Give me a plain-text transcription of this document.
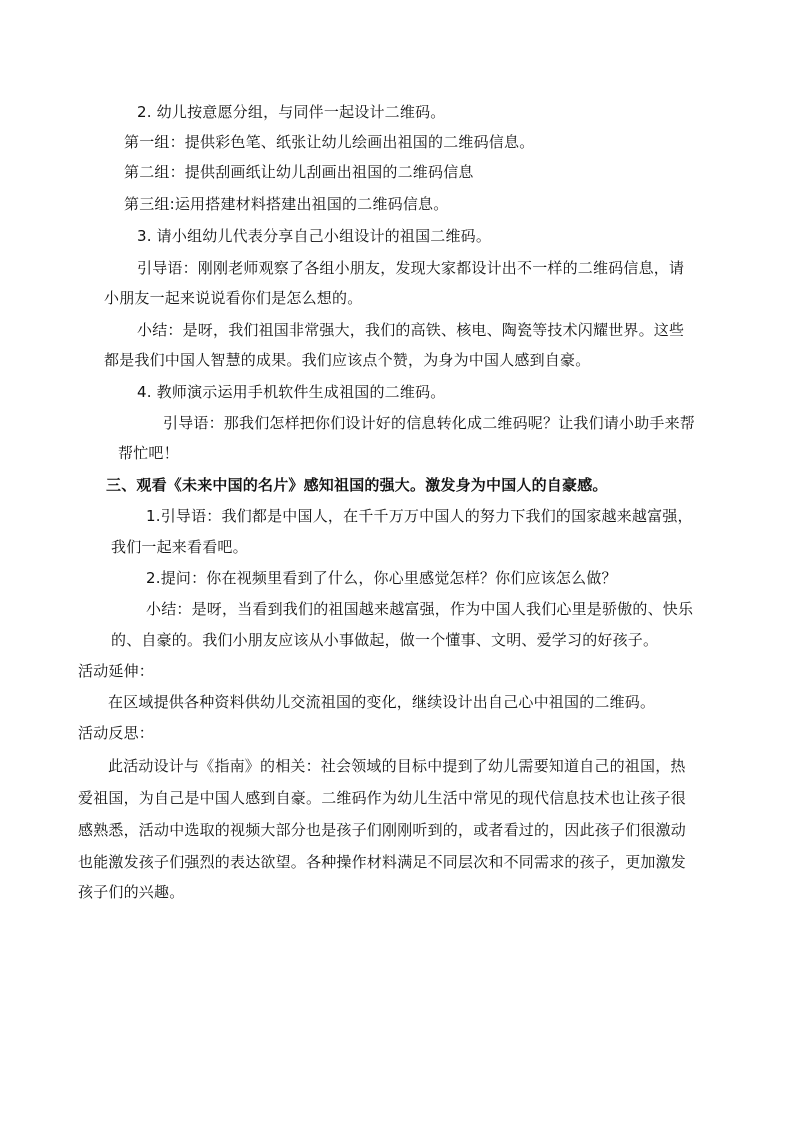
2. 幼儿按意愿分组，与同伴一起设计二维码。
第一组：提供彩色笔、纸张让幼儿绘画出祖国的二维码信息。
第二组：提供刮画纸让幼儿刮画出祖国的二维码信息
第三组:运用搭建材料搭建出祖国的二维码信息。
3. 请小组幼儿代表分享自己小组设计的祖国二维码。
引导语：刚刚老师观察了各组小朋友，发现大家都设计出不一样的二维码信息，请
小朋友一起来说说看你们是怎么想的。
小结：是呀，我们祖国非常强大，我们的高铁、核电、陶瓷等技术闪耀世界。这些
都是我们中国人智慧的成果。我们应该点个赞，为身为中国人感到自豪。
4. 教师演示运用手机软件生成祖国的二维码。
引导语：那我们怎样把你们设计好的信息转化成二维码呢？让我们请小助手来帮
帮忙吧！
三、观看《未来中国的名片》感知祖国的强大。激发身为中国人的自豪感。
1.引导语：我们都是中国人，在千千万万中国人的努力下我们的国家越来越富强，
我们一起来看看吧。
2.提问：你在视频里看到了什么，你心里感觉怎样？你们应该怎么做？
小结：是呀，当看到我们的祖国越来越富强，作为中国人我们心里是骄傲的、快乐
的、自豪的。我们小朋友应该从小事做起，做一个懂事、文明、爱学习的好孩子。
活动延伸：
在区域提供各种资料供幼儿交流祖国的变化，继续设计出自己心中祖国的二维码。
活动反思：
此活动设计与《指南》的相关：社会领域的目标中提到了幼儿需要知道自己的祖国，热
爱祖国，为自己是中国人感到自豪。二维码作为幼儿生活中常见的现代信息技术也让孩子很
感熟悉，活动中选取的视频大部分也是孩子们刚刚听到的，或者看过的，因此孩子们很激动
也能激发孩子们强烈的表达欲望。各种操作材料满足不同层次和不同需求的孩子，更加激发
孩子们的兴趣。
